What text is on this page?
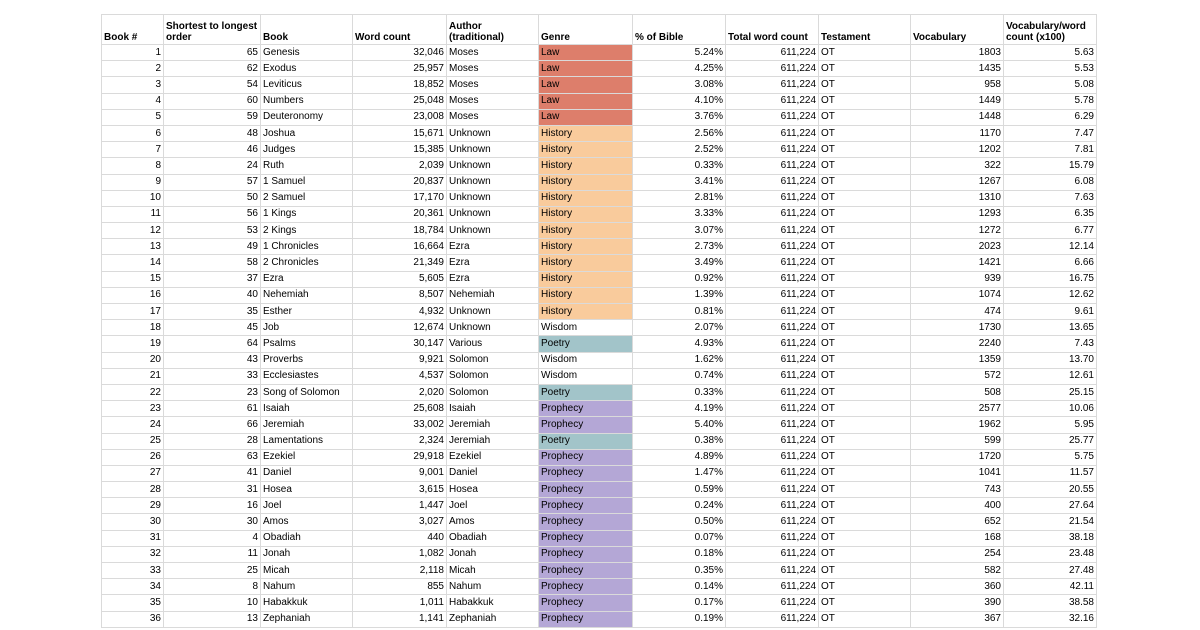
Book #	Shortest to longest order	Book	Word count	Author (traditional)	Genre	% of Bible	Total word count	Testament	Vocabulary	Vocabulary/word count (x100)
1	65	Genesis	32,046	Moses	Law	5.24%	611,224	OT	1803	5.63
2	62	Exodus	25,957	Moses	Law	4.25%	611,224	OT	1435	5.53
3	54	Leviticus	18,852	Moses	Law	3.08%	611,224	OT	958	5.08
4	60	Numbers	25,048	Moses	Law	4.10%	611,224	OT	1449	5.78
5	59	Deuteronomy	23,008	Moses	Law	3.76%	611,224	OT	1448	6.29
6	48	Joshua	15,671	Unknown	History	2.56%	611,224	OT	1170	7.47
7	46	Judges	15,385	Unknown	History	2.52%	611,224	OT	1202	7.81
8	24	Ruth	2,039	Unknown	History	0.33%	611,224	OT	322	15.79
9	57	1 Samuel	20,837	Unknown	History	3.41%	611,224	OT	1267	6.08
10	50	2 Samuel	17,170	Unknown	History	2.81%	611,224	OT	1310	7.63
11	56	1 Kings	20,361	Unknown	History	3.33%	611,224	OT	1293	6.35
12	53	2 Kings	18,784	Unknown	History	3.07%	611,224	OT	1272	6.77
13	49	1 Chronicles	16,664	Ezra	History	2.73%	611,224	OT	2023	12.14
14	58	2 Chronicles	21,349	Ezra	History	3.49%	611,224	OT	1421	6.66
15	37	Ezra	5,605	Ezra	History	0.92%	611,224	OT	939	16.75
16	40	Nehemiah	8,507	Nehemiah	History	1.39%	611,224	OT	1074	12.62
17	35	Esther	4,932	Unknown	History	0.81%	611,224	OT	474	9.61
18	45	Job	12,674	Unknown	Wisdom	2.07%	611,224	OT	1730	13.65
19	64	Psalms	30,147	Various	Poetry	4.93%	611,224	OT	2240	7.43
20	43	Proverbs	9,921	Solomon	Wisdom	1.62%	611,224	OT	1359	13.70
21	33	Ecclesiastes	4,537	Solomon	Wisdom	0.74%	611,224	OT	572	12.61
22	23	Song of Solomon	2,020	Solomon	Poetry	0.33%	611,224	OT	508	25.15
23	61	Isaiah	25,608	Isaiah	Prophecy	4.19%	611,224	OT	2577	10.06
24	66	Jeremiah	33,002	Jeremiah	Prophecy	5.40%	611,224	OT	1962	5.95
25	28	Lamentations	2,324	Jeremiah	Poetry	0.38%	611,224	OT	599	25.77
26	63	Ezekiel	29,918	Ezekiel	Prophecy	4.89%	611,224	OT	1720	5.75
27	41	Daniel	9,001	Daniel	Prophecy	1.47%	611,224	OT	1041	11.57
28	31	Hosea	3,615	Hosea	Prophecy	0.59%	611,224	OT	743	20.55
29	16	Joel	1,447	Joel	Prophecy	0.24%	611,224	OT	400	27.64
30	30	Amos	3,027	Amos	Prophecy	0.50%	611,224	OT	652	21.54
31	4	Obadiah	440	Obadiah	Prophecy	0.07%	611,224	OT	168	38.18
32	11	Jonah	1,082	Jonah	Prophecy	0.18%	611,224	OT	254	23.48
33	25	Micah	2,118	Micah	Prophecy	0.35%	611,224	OT	582	27.48
34	8	Nahum	855	Nahum	Prophecy	0.14%	611,224	OT	360	42.11
35	10	Habakkuk	1,011	Habakkuk	Prophecy	0.17%	611,224	OT	390	38.58
36	13	Zephaniah	1,141	Zephaniah	Prophecy	0.19%	611,224	OT	367	32.16
